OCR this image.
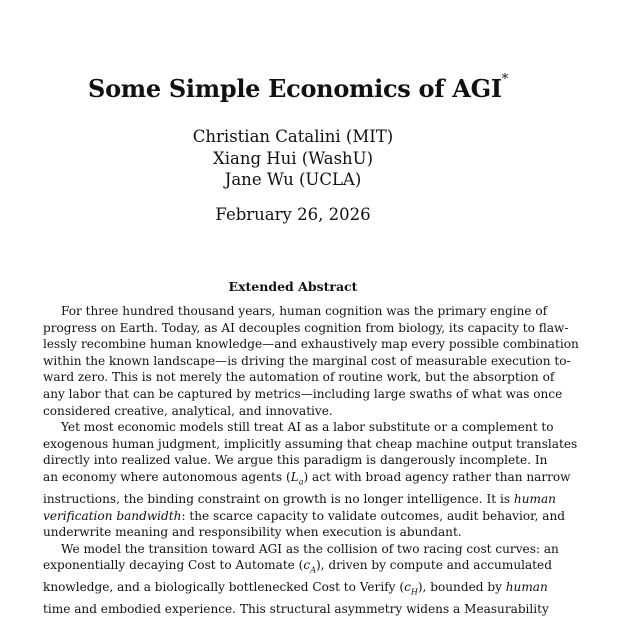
Some Simple Economics of AGI*
Christian Catalini (MIT)
Xiang Hui (WashU)
Jane Wu (UCLA)
February 26, 2026
Extended Abstract

For three hundred thousand years, human cognition was the primary engine of
progress on Earth. Today, as AI decouples cognition from biology, its capacity to flaw-
lessly recombine human knowledge—and exhaustively map every possible combination
within the known landscape—is driving the marginal cost of measurable execution to-
ward zero. This is not merely the automation of routine work, but the absorption of
any labor that can be captured by metrics—including large swaths of what was once
considered creative, analytical, and innovative.

Yet most economic models still treat AI as a labor substitute or a complement to
exogenous human judgment, implicitly assuming that cheap machine output translates
directly into realized value. We argue this paradigm is dangerously incomplete. In
an economy where autonomous agents $(L_a)$ act with broad agency rather than narrow
instructions, the binding constraint on growth is no longer intelligence. It is human
verification bandwidth: the scarce capacity to validate outcomes, audit behavior, and
underwrite meaning and responsibility when execution is abundant.

We model the transition toward AGI as the collision of two racing cost curves: an
exponentially decaying Cost to Automate $(c_A)$, driven by compute and accumulated
knowledge, and a biologically bottlenecked Cost to Verify $(c_H)$, bounded by human
time and embodied experience. This structural asymmetry widens a Measurability
